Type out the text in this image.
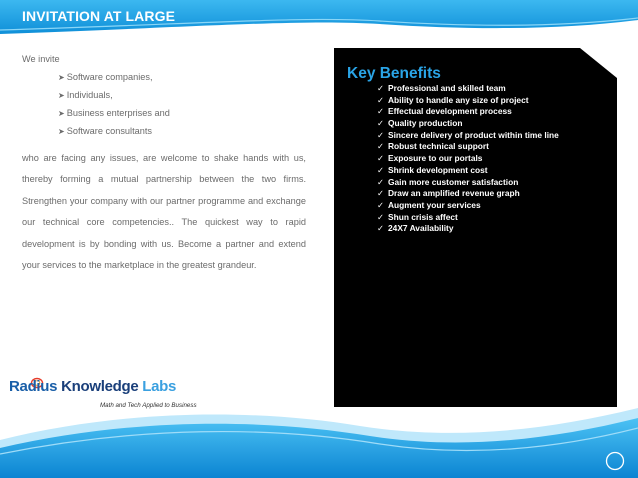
INVITATION AT LARGE

We invite

➤ Software companies,
➤ Individuals,
➤ Business enterprises and
➤ Software consultants

who are facing any issues, are welcome to shake hands with us, thereby forming a mutual partnership between the two firms. Strengthen your company with our partner programme and exchange our technical core competencies.. The quickest way to rapid development is by bonding with us. Become a partner and extend your services to the marketplace in the greatest grandeur.

Key Benefits
✓ Professional and skilled team
✓ Ability to handle any size of project
✓ Effectual development process
✓ Quality production
✓ Sincere delivery of product within time line
✓ Robust technical support
✓ Exposure to our portals
✓ Shrink development cost
✓ Gain more customer satisfaction
✓ Draw an amplified revenue graph
✓ Augment your services
✓ Shun crisis affect
✓ 24X7 Availability
Radius Knowledge Labs
Math and Tech Applied to Business
